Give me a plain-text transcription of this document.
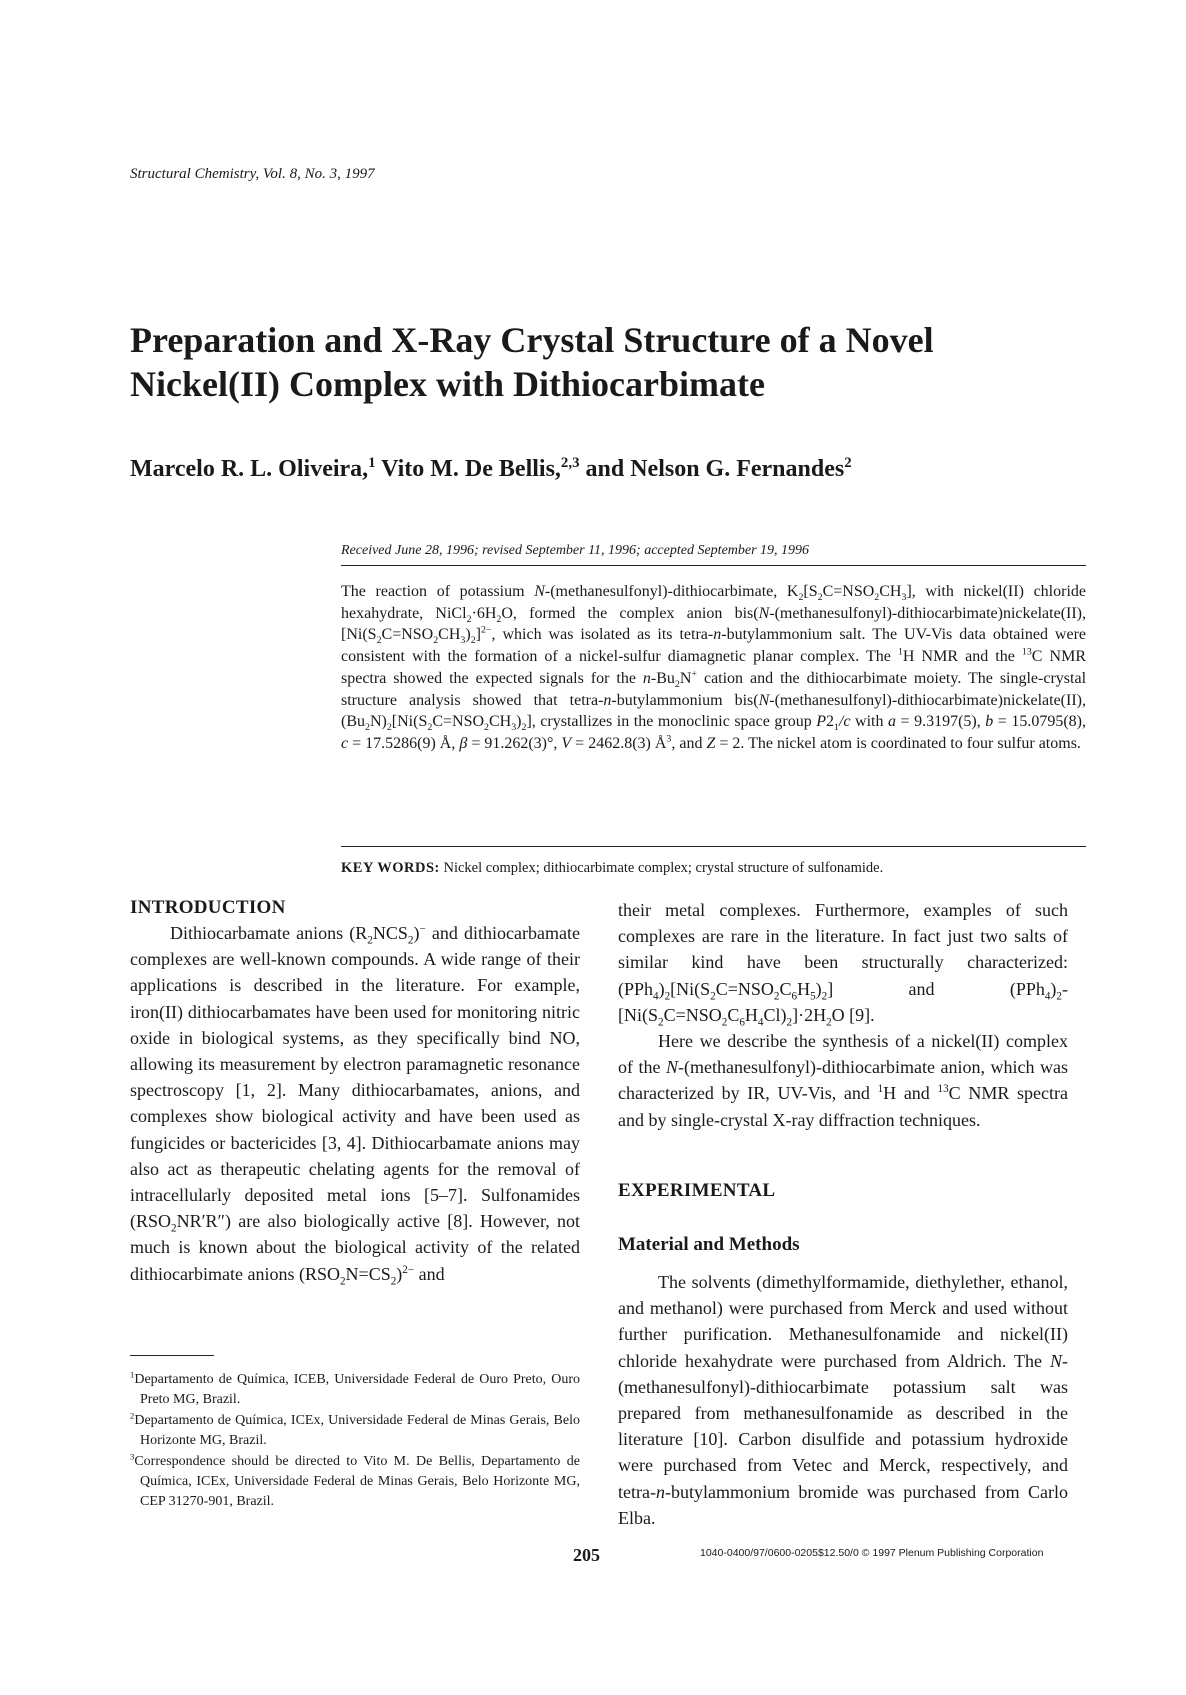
Structural Chemistry, Vol. 8, No. 3, 1997
Preparation and X-Ray Crystal Structure of a Novel Nickel(II) Complex with Dithiocarbimate
Marcelo R. L. Oliveira,$^1$ Vito M. De Bellis,$^{2,3}$ and Nelson G. Fernandes$^2$
Received June 28, 1996; revised September 11, 1996; accepted September 19, 1996

The reaction of potassium N-(methanesulfonyl)-dithiocarbimate, $K_2[S_2C=NSO_2CH_3]$, with nickel(II) chloride hexahydrate, $NiCl_2\cdot 6H_2O$, formed the complex anion bis(N-(methanesulfonyl)-dithiocarbimate)nickelate(II), $[Ni(S_2C=NSO_2CH_3)_2]^{2-}$, which was isolated as its tetra-n-butylammonium salt. The UV-Vis data obtained were consistent with the formation of a nickel-sulfur diamagnetic planar complex. The $^1$H NMR and the $^{13}$C NMR spectra showed the expected signals for the $n-Bu_2N^+$ cation and the dithiocarbimate moiety. The single-crystal structure analysis showed that tetra-n-butylammonium bis(N-(methanesulfonyl)-dithiocarbimate)nickelate(II), $(Bu_2N)_2[Ni(S_2C=NSO_2CH_3)_2]$, crystallizes in the monoclinic space group $P2_1/c$ with a = 9.3197(5), b = 15.0795(8), c = 17.5286(9) Å, β = 91.262(3)°, V = 2462.8(3) $Å^3$, and Z = 2. The nickel atom is coordinated to four sulfur atoms.

KEY WORDS: Nickel complex; dithiocarbimate complex; crystal structure of sulfonamide.
INTRODUCTION

Dithiocarbamate anions $(R_2NCS_2)^-$ and dithiocarbamate complexes are well-known compounds. A wide range of their applications is described in the literature. For example, iron(II) dithiocarbamates have been used for monitoring nitric oxide in biological systems, as they specifically bind NO, allowing its measurement by electron paramagnetic resonance spectroscopy [1, 2]. Many dithiocarbamates, anions, and complexes show biological activity and have been used as fungicides or bactericides [3, 4]. Dithiocarbamate anions may also act as therapeutic chelating agents for the removal of intracellularly deposited metal ions [5–7]. Sulfonamides $(RSO_2NR'R'')$ are also biologically active [8]. However, not much is known about the biological activity of the related dithiocarbimate anions $(RSO_2N=CS_2)^{2-}$ and

their metal complexes. Furthermore, examples of such complexes are rare in the literature. In fact just two salts of similar kind have been structurally characterized: $(PPh_4)_2[Ni(S_2C=NSO_2C_6H_5)_2]$ and $(PPh_4)_2-[Ni(S_2C=NSO_2C_6H_4Cl)_2]\cdot 2H_2O$ [9].

Here we describe the synthesis of a nickel(II) complex of the N-(methanesulfonyl)-dithiocarbimate anion, which was characterized by IR, UV-Vis, and $^1$H and $^{13}$C NMR spectra and by single-crystal X-ray diffraction techniques.

EXPERIMENTAL
Material and Methods

The solvents (dimethylformamide, diethylether, ethanol, and methanol) were purchased from Merck and used without further purification. Methanesulfonamide and nickel(II) chloride hexahydrate were purchased from Aldrich. The N-(methanesulfonyl)-dithiocarbimate potassium salt was prepared from methanesulfonamide as described in the literature [10]. Carbon disulfide and potassium hydroxide were purchased from Vetec and Merck, respectively, and tetra-n-butylammonium bromide was purchased from Carlo Elba.

$^1$Departamento de Química, ICEB, Universidade Federal de Ouro Preto, Ouro Preto MG, Brazil.

$^2$Departamento de Química, ICEx, Universidade Federal de Minas Gerais, Belo Horizonte MG, Brazil.

$^3$Correspondence should be directed to Vito M. De Bellis, Departamento de Química, ICEx, Universidade Federal de Minas Gerais, Belo Horizonte MG, CEP 31270-901, Brazil.

205	1040-0400/97/0600-0205$12.50/0 © 1997 Plenum Publishing Corporation
